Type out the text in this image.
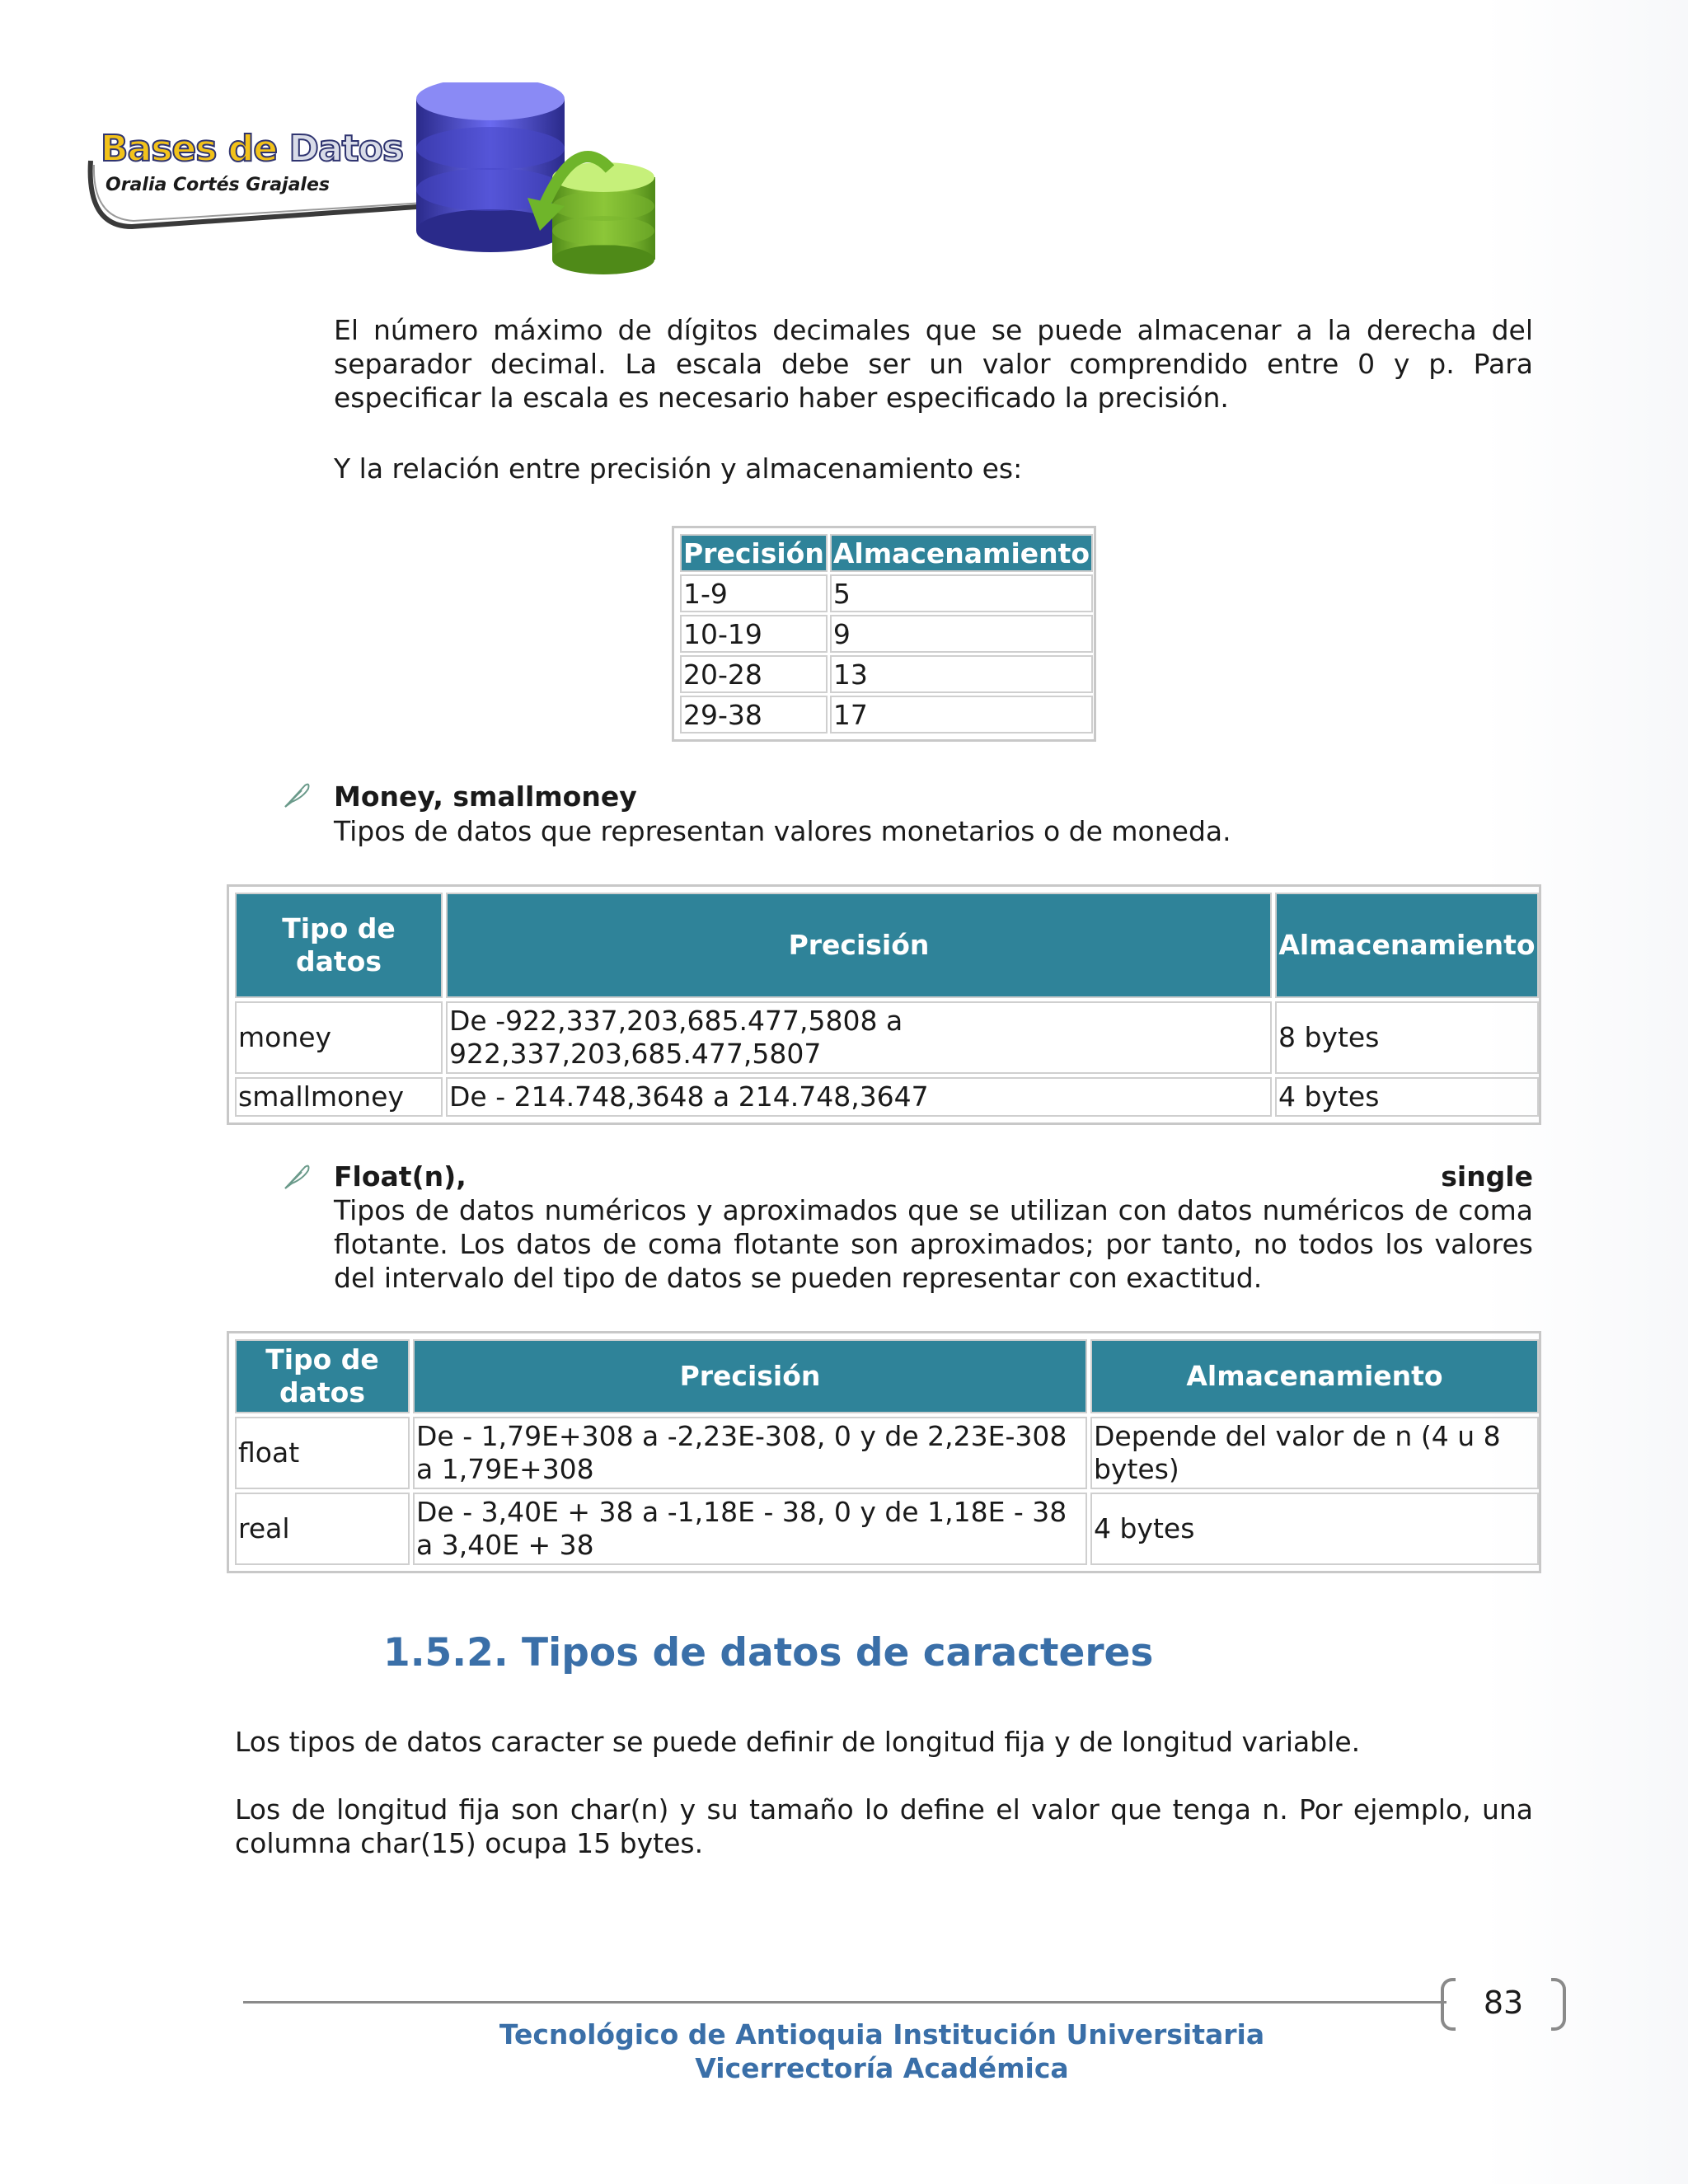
Bases de Datos
Oralia Cortés Grajales

El número máximo de dígitos decimales que se puede almacenar a la derecha del separador decimal. La escala debe ser un valor comprendido entre 0 y p. Para especificar la escala es necesario haber especificado la precisión.

Y la relación entre precisión y almacenamiento es:

Precisión	Almacenamiento
1-9	5
10-19	9
20-28	13
29-38	17

Money, smallmoney

Tipos de datos que representan valores monetarios o de moneda.

Tipo de datos	Precisión	Almacenamiento
money	De -922,337,203,685.477,5808 a 922,337,203,685.477,5807	8 bytes
smallmoney	De - 214.748,3648 a 214.748,3647	4 bytes

Float(n),	single

Tipos de datos numéricos y aproximados que se utilizan con datos numéricos de coma flotante. Los datos de coma flotante son aproximados; por tanto, no todos los valores del intervalo del tipo de datos se pueden representar con exactitud.

Tipo de datos	Precisión	Almacenamiento
float	De - 1,79E+308 a -2,23E-308, 0 y de 2,23E-308 a 1,79E+308	Depende del valor de n (4 u 8 bytes)
real	De - 3,40E + 38 a -1,18E - 38, 0 y de 1,18E - 38 a 3,40E + 38	4 bytes
1.5.2. Tipos de datos de caracteres

Los tipos de datos caracter se puede definir de longitud fija y de longitud variable.

Los de longitud fija son char(n) y su tamaño lo define el valor que tenga n. Por ejemplo, una columna char(15) ocupa 15 bytes.

83
Tecnológico de Antioquia Institución Universitaria
Vicerrectoría Académica
